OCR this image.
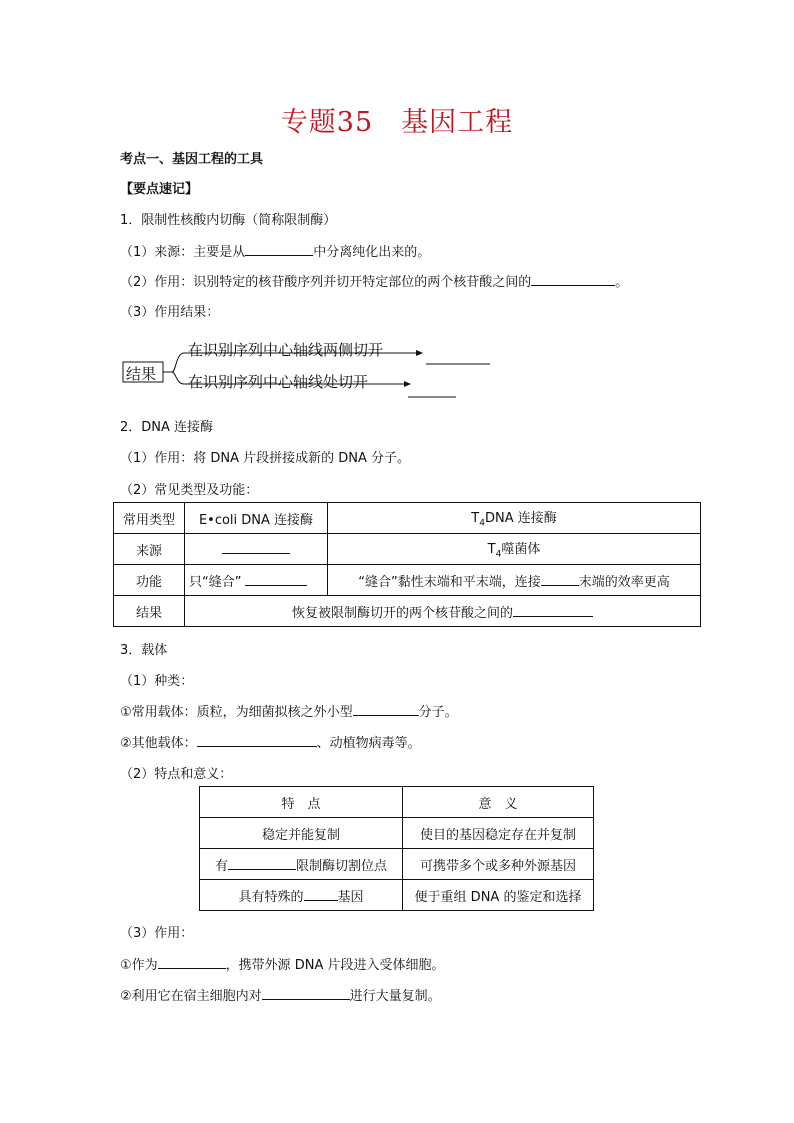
专题35　基因工程
考点一、基因工程的工具
【要点速记】
1．限制性核酸内切酶（简称限制酶）
（1）来源：主要是从	中分离纯化出来的。
（2）作用：识别特定的核苷酸序列并切开特定部位的两个核苷酸之间的	。
（3）作用结果：
结果
在识别序列中心轴线两侧切开
在识别序列中心轴线处切开
2．DNA 连接酶
（1）作用：将 DNA 片段拼接成新的 DNA 分子。
（2）常见类型及功能：
常用类型	E•coli DNA 连接酶	$T_4DNA$ 连接酶
来源		$T_4$噬菌体
功能	只“缝合”	“缝合”黏性末端和平末端，连接 末端的效率更高
结果	恢复被限制酶切开的两个核苷酸之间的	
3．载体
（1）种类：
①常用载体：质粒，为细菌拟核之外小型	分子。
②其他载体：	、动植物病毒等。
（2）特点和意义：
特　点	意　义
稳定并能复制	使目的基因稳定存在并复制
有 限制酶切割位点	可携带多个或多种外源基因
具有特殊的 基因	便于重组 DNA 的鉴定和选择
（3）作用：
①作为	，携带外源 DNA 片段进入受体细胞。
②利用它在宿主细胞内对	进行大量复制。
